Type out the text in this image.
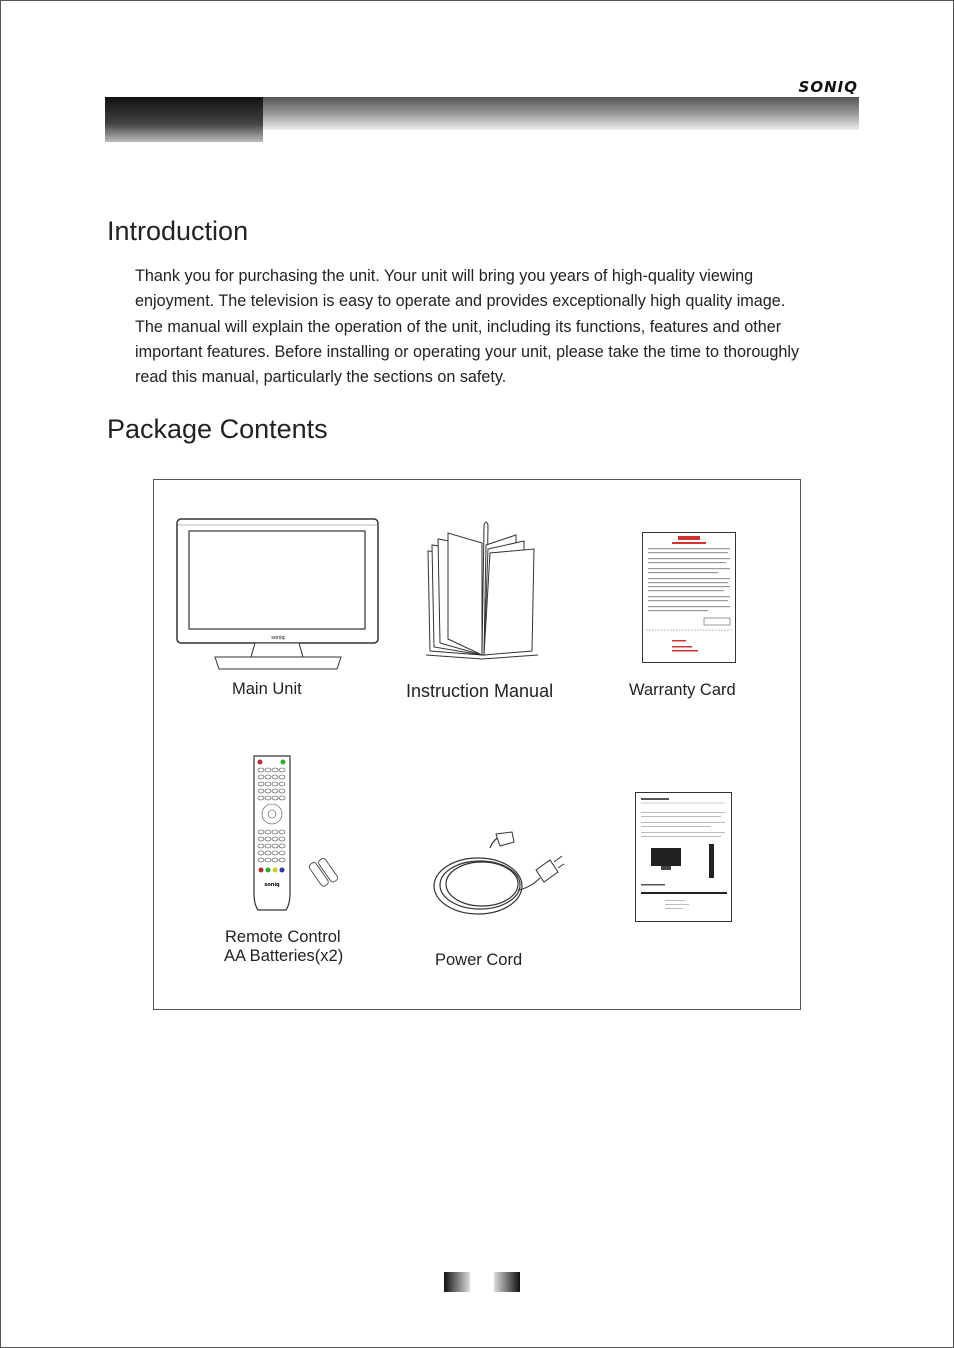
SONIQ
Introduction
Thank you for purchasing the unit. Your unit will bring you years of high-quality viewing
enjoyment. The television is easy to operate and provides exceptionally high quality image.
The manual will explain the operation of the unit, including its functions, features and other
important features. Before installing or operating your unit, please take the time to thoroughly
read this manual, particularly the sections on safety.
Package Contents
soniq
Main Unit	Instruction Manual	Warranty Card
soniq
Remote Control
AA Batteries(x2)	Power Cord
